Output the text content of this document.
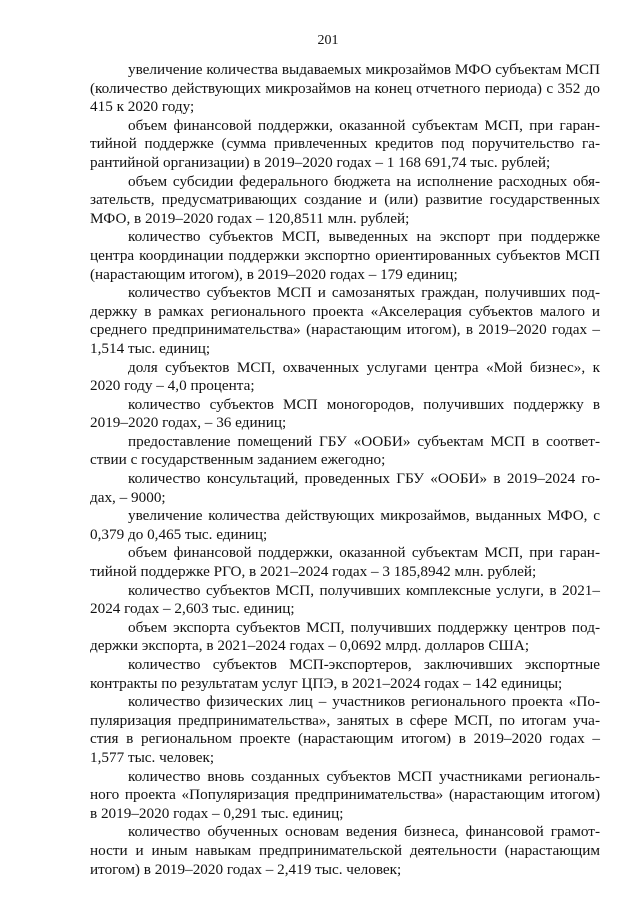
201

увеличение количества выдаваемых микрозаймов МФО субъектам МСП (количество действующих микрозаймов на конец отчетного периода) с 352 до 415 к 2020 году;

объем финансовой поддержки, оказанной субъектам МСП, при гарантийной поддержке (сумма привлеченных кредитов под поручительство гарантийной организации) в 2019–2020 годах – 1 168 691,74 тыс. рублей;

объем субсидии федерального бюджета на исполнение расходных обязательств, предусматривающих создание и (или) развитие государственных МФО, в 2019–2020 годах – 120,8511 млн. рублей;

количество субъектов МСП, выведенных на экспорт при поддержке центра координации поддержки экспортно ориентированных субъектов МСП (нарастающим итогом), в 2019–2020 годах – 179 единиц;

количество субъектов МСП и самозанятых граждан, получивших поддержку в рамках регионального проекта «Акселерация субъектов малого и среднего предпринимательства» (нарастающим итогом), в 2019–2020 годах – 1,514 тыс. единиц;

доля субъектов МСП, охваченных услугами центра «Мой бизнес», к 2020 году – 4,0 процента;

количество субъектов МСП моногородов, получивших поддержку в 2019–2020 годах, – 36 единиц;

предоставление помещений ГБУ «ООБИ» субъектам МСП в соответствии с государственным заданием ежегодно;

количество консультаций, проведенных ГБУ «ООБИ» в 2019–2024 годах, – 9000;

увеличение количества действующих микрозаймов, выданных МФО, с 0,379 до 0,465 тыс. единиц;

объем финансовой поддержки, оказанной субъектам МСП, при гарантийной поддержке РГО, в 2021–2024 годах – 3 185,8942 млн. рублей;

количество субъектов МСП, получивших комплексные услуги, в 2021–2024 годах – 2,603 тыс. единиц;

объем экспорта субъектов МСП, получивших поддержку центров поддержки экспорта, в 2021–2024 годах – 0,0692 млрд. долларов США;

количество субъектов МСП-экспортеров, заключивших экспортные контракты по результатам услуг ЦПЭ, в 2021–2024 годах – 142 единицы;

количество физических лиц – участников регионального проекта «Популяризация предпринимательства», занятых в сфере МСП, по итогам участия в региональном проекте (нарастающим итогом) в 2019–2020 годах – 1,577 тыс. человек;

количество вновь созданных субъектов МСП участниками регионального проекта «Популяризация предпринимательства» (нарастающим итогом) в 2019–2020 годах – 0,291 тыс. единиц;

количество обученных основам ведения бизнеса, финансовой грамотности и иным навыкам предпринимательской деятельности (нарастающим итогом) в 2019–2020 годах – 2,419 тыс. человек;
